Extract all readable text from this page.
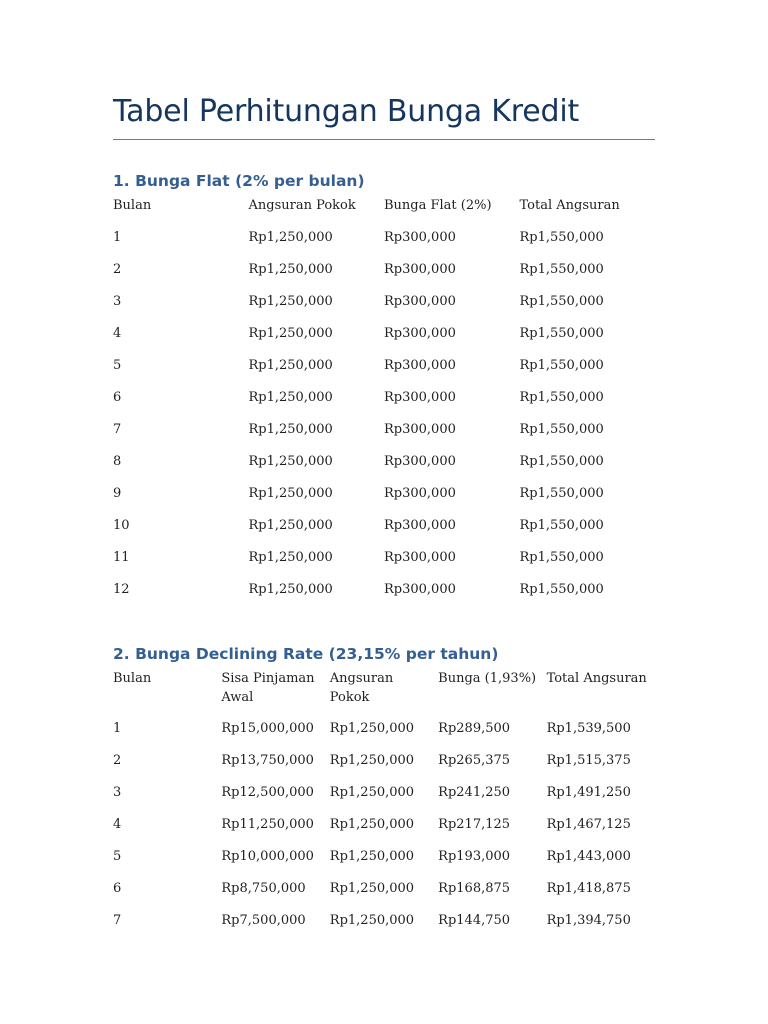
Tabel Perhitungan Bunga Kredit
1. Bunga Flat (2% per bulan)
Bulan	Angsuran Pokok	Bunga Flat (2%)	Total Angsuran
1	Rp1,250,000	Rp300,000	Rp1,550,000
2	Rp1,250,000	Rp300,000	Rp1,550,000
3	Rp1,250,000	Rp300,000	Rp1,550,000
4	Rp1,250,000	Rp300,000	Rp1,550,000
5	Rp1,250,000	Rp300,000	Rp1,550,000
6	Rp1,250,000	Rp300,000	Rp1,550,000
7	Rp1,250,000	Rp300,000	Rp1,550,000
8	Rp1,250,000	Rp300,000	Rp1,550,000
9	Rp1,250,000	Rp300,000	Rp1,550,000
10	Rp1,250,000	Rp300,000	Rp1,550,000
11	Rp1,250,000	Rp300,000	Rp1,550,000
12	Rp1,250,000	Rp300,000	Rp1,550,000
2. Bunga Declining Rate (23,15% per tahun)
Bulan	Sisa Pinjaman Awal	Angsuran Pokok	Bunga (1,93%)	Total Angsuran
1	Rp15,000,000	Rp1,250,000	Rp289,500	Rp1,539,500
2	Rp13,750,000	Rp1,250,000	Rp265,375	Rp1,515,375
3	Rp12,500,000	Rp1,250,000	Rp241,250	Rp1,491,250
4	Rp11,250,000	Rp1,250,000	Rp217,125	Rp1,467,125
5	Rp10,000,000	Rp1,250,000	Rp193,000	Rp1,443,000
6	Rp8,750,000	Rp1,250,000	Rp168,875	Rp1,418,875
7	Rp7,500,000	Rp1,250,000	Rp144,750	Rp1,394,750
